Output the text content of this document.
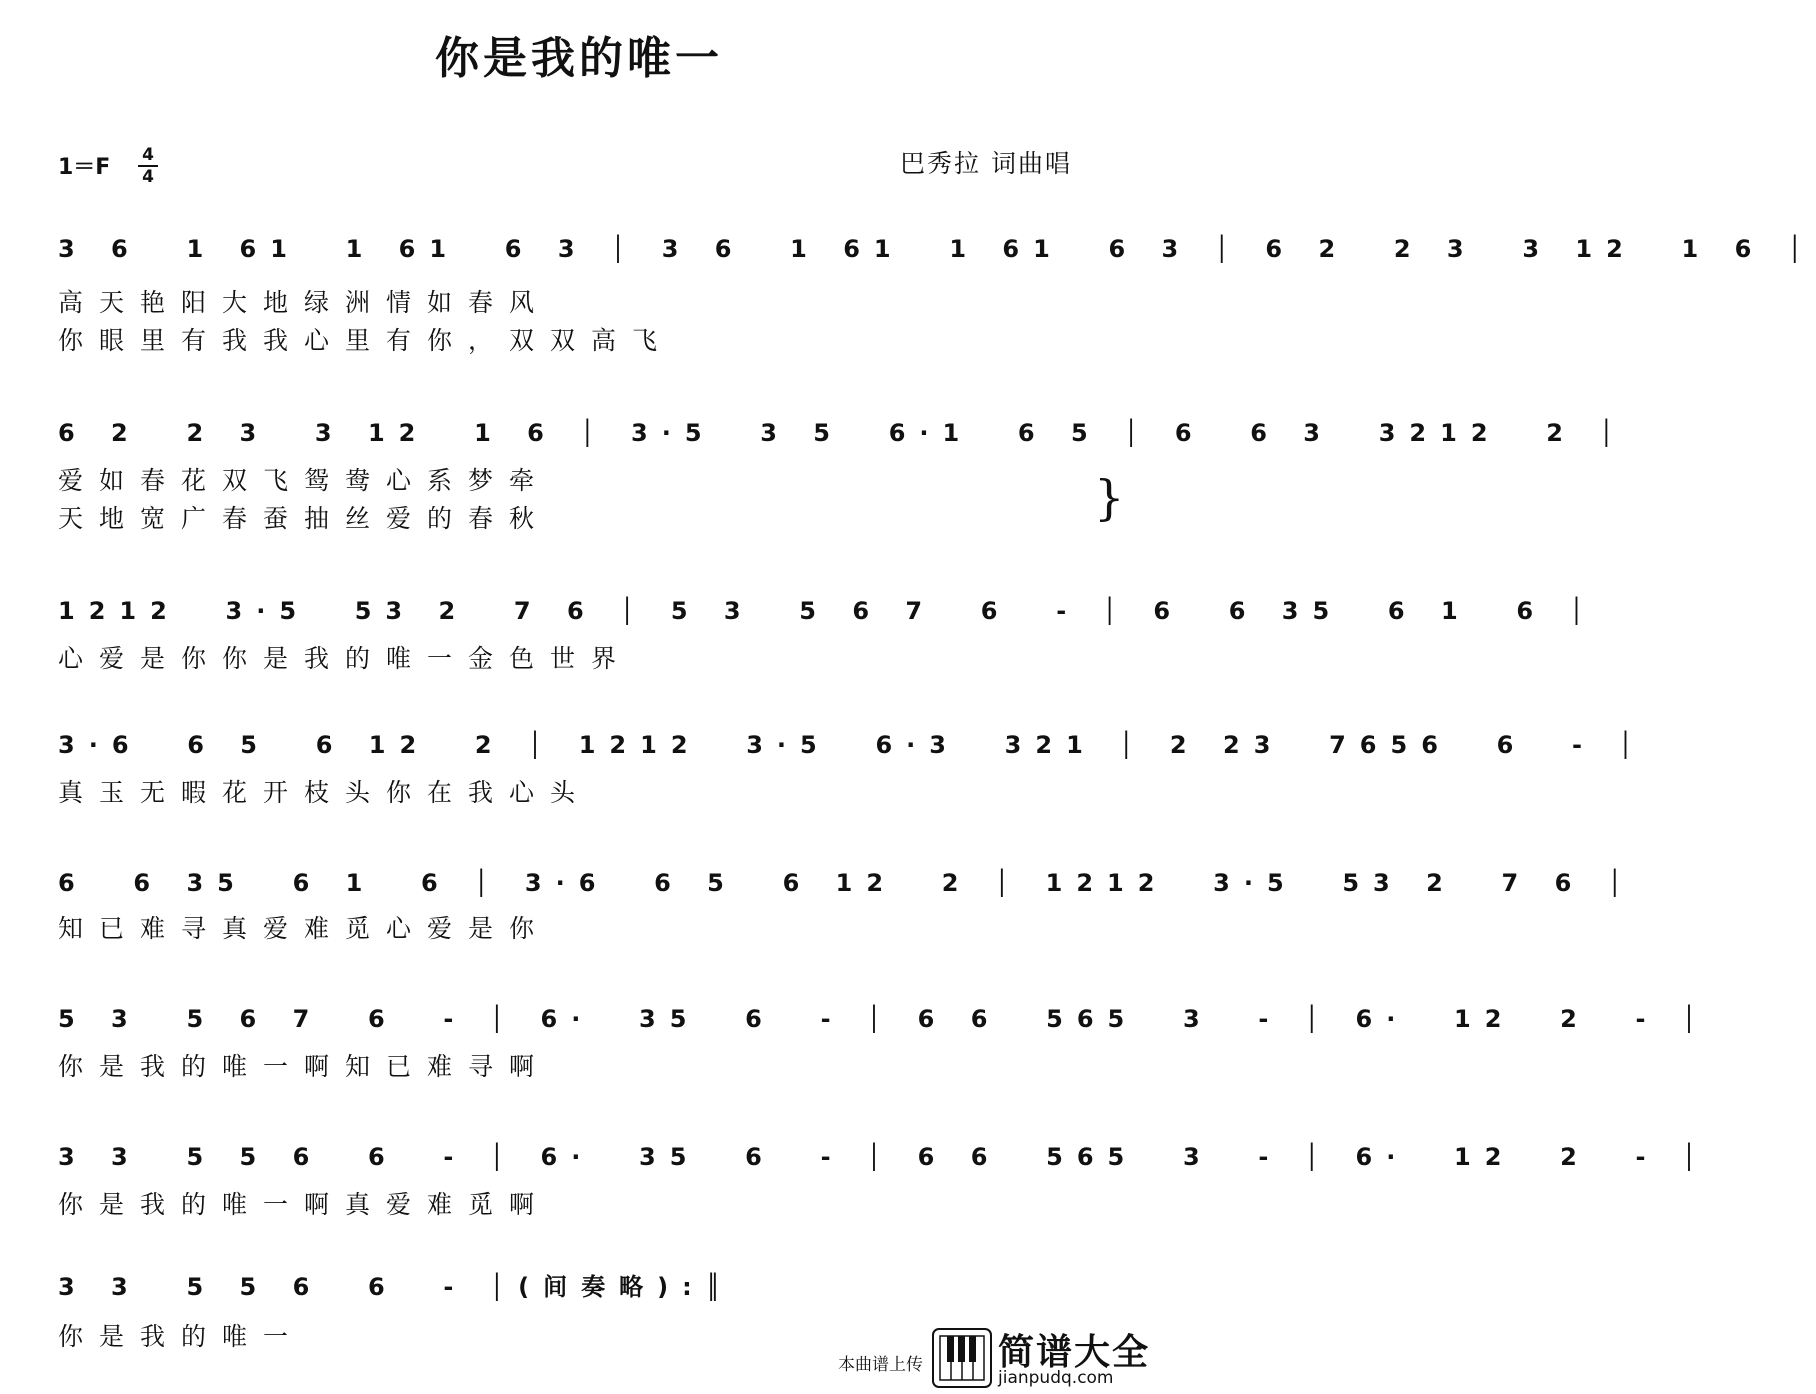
你是我的唯一
1＝F	4
4	巴秀拉 词曲唱
3 6  1 61  1 61  6 3 │ 3 6  1 61  1 61  6 3 │ 6 2  2 3  3 12  1 6 │
高天艳阳大地绿洲情如春风
你眼里有我我心里有你，双双高飞
6 2  2 3  3 12  1 6 │ 3·5  3 5  6·1  6 5 │ 6  6 3  3212  2 │
爱如春花双飞鸳鸯心系梦牵
天地宽广春蚕抽丝爱的春秋	}
1212  3·5  53 2  7 6 │ 5 3  5 6 7  6  - │ 6  6 35  6 1  6 │
心爱是你你是我的唯一金色世界
3·6  6 5  6 12  2 │ 1212  3·5  6·3  321 │ 2 23  7656  6  - │
真玉无暇花开枝头你在我心头
6  6 35  6 1  6 │ 3·6  6 5  6 12  2 │ 1212  3·5  53 2  7 6 │
知已难寻真爱难觅心爱是你
5 3  5 6 7  6  - │ 6·  35  6  - │ 6 6  565  3  - │ 6·  12  2  - │
你是我的唯一啊知已难寻啊
3 3  5 5 6  6  - │ 6·  35  6  - │ 6 6  565  3  - │ 6·  12  2  - │
你是我的唯一啊真爱难觅啊
3 3  5 5 6  6  - │(间奏略):║
你是我的唯一
本曲谱上传 简谱大全
jianpudq.com
